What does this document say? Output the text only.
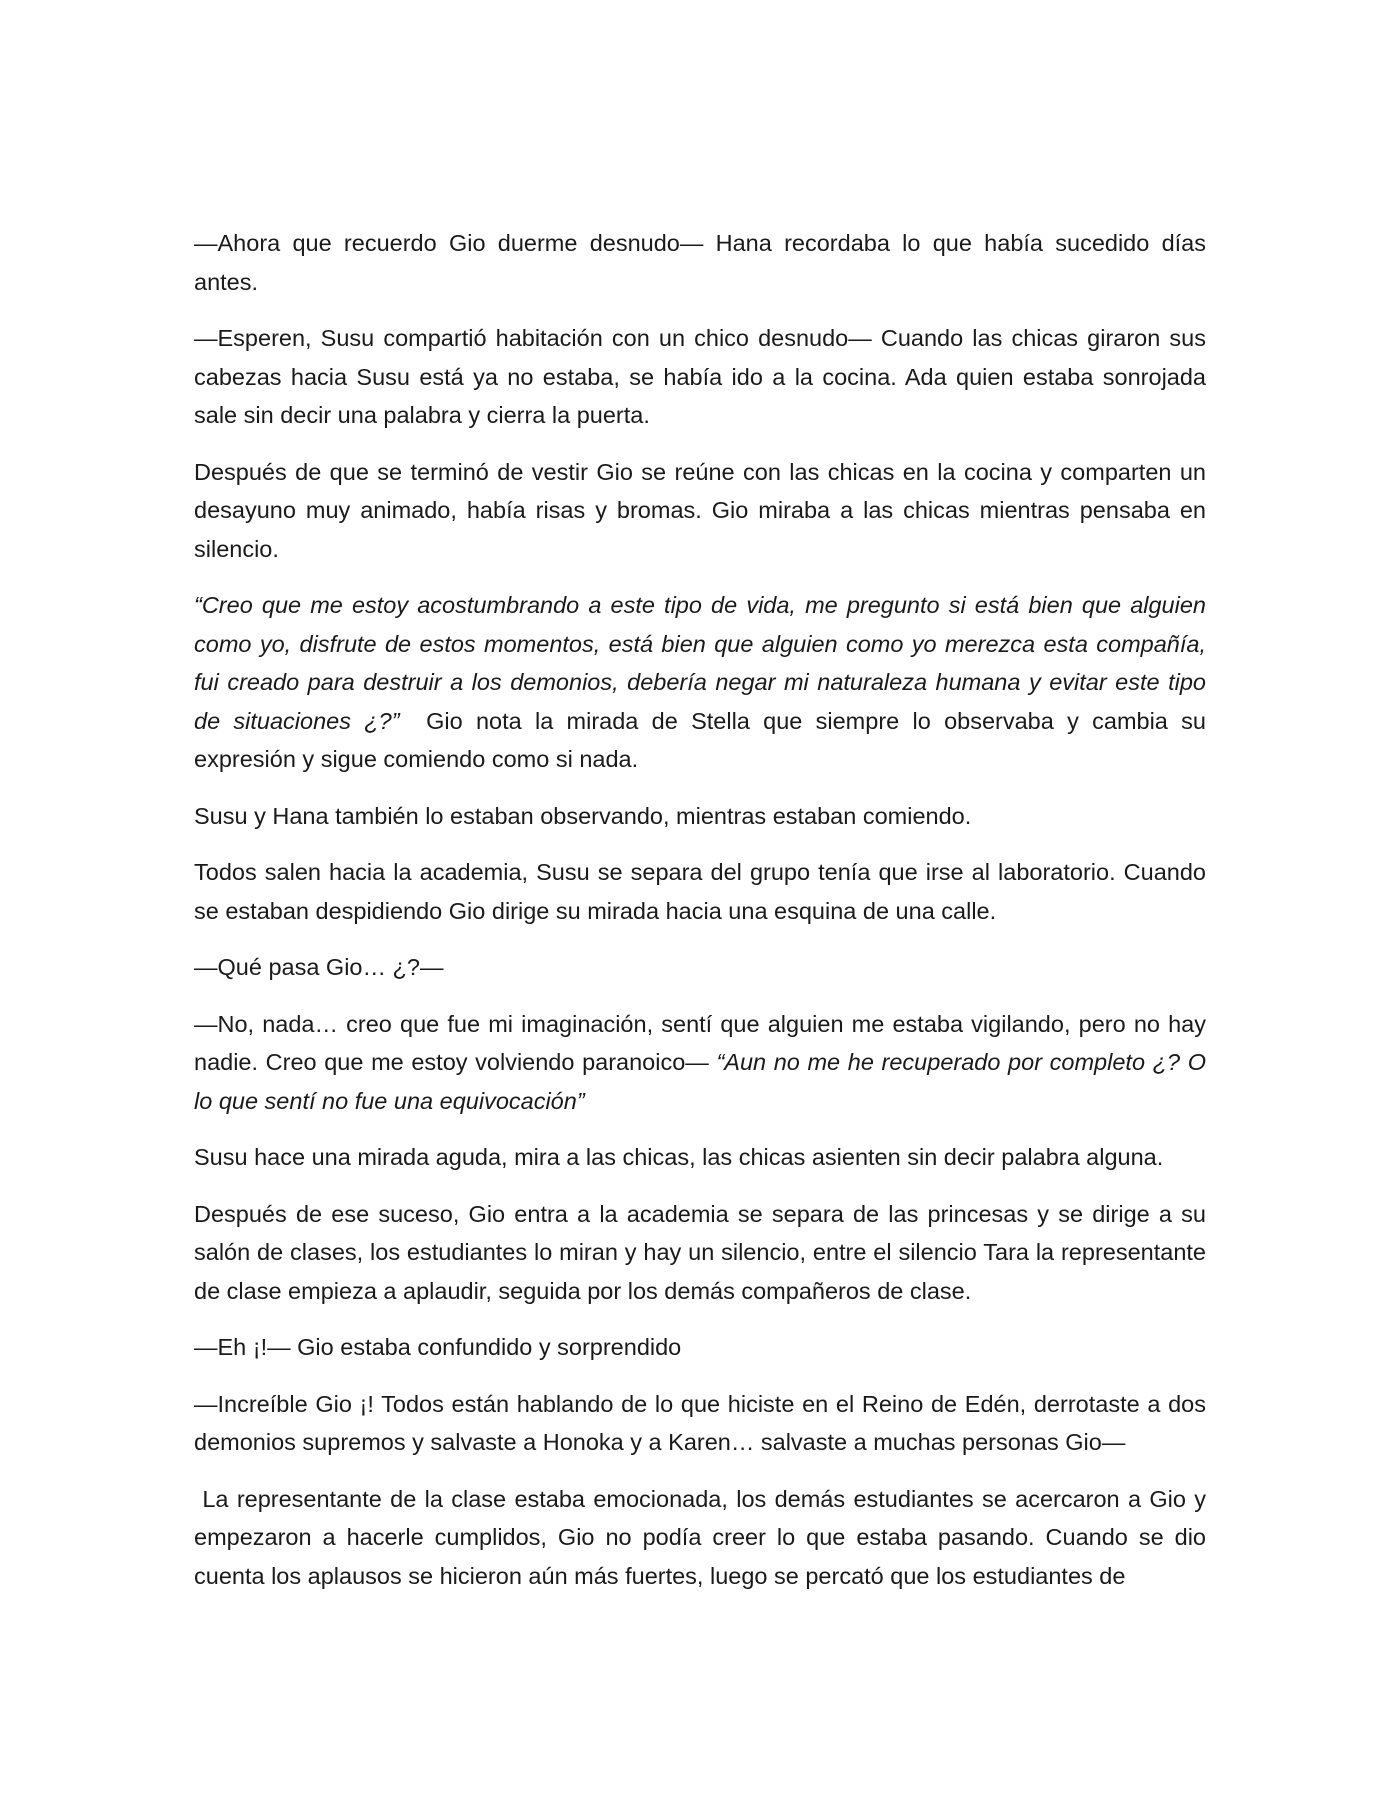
—Ahora que recuerdo Gio duerme desnudo— Hana recordaba lo que había sucedido días antes.

—Esperen, Susu compartió habitación con un chico desnudo— Cuando las chicas giraron sus cabezas hacia Susu está ya no estaba, se había ido a la cocina. Ada quien estaba sonrojada sale sin decir una palabra y cierra la puerta.

Después de que se terminó de vestir Gio se reúne con las chicas en la cocina y comparten un desayuno muy animado, había risas y bromas. Gio miraba a las chicas mientras pensaba en silencio.

“Creo que me estoy acostumbrando a este tipo de vida, me pregunto si está bien que alguien como yo, disfrute de estos momentos, está bien que alguien como yo merezca esta compañía, fui creado para destruir a los demonios, debería negar mi naturaleza humana y evitar este tipo de situaciones ¿?”  Gio nota la mirada de Stella que siempre lo observaba y cambia su expresión y sigue comiendo como si nada.

Susu y Hana también lo estaban observando, mientras estaban comiendo.

Todos salen hacia la academia, Susu se separa del grupo tenía que irse al laboratorio. Cuando se estaban despidiendo Gio dirige su mirada hacia una esquina de una calle.

—Qué pasa Gio… ¿?—

—No, nada… creo que fue mi imaginación, sentí que alguien me estaba vigilando, pero no hay nadie. Creo que me estoy volviendo paranoico— “Aun no me he recuperado por completo ¿? O lo que sentí no fue una equivocación”

Susu hace una mirada aguda, mira a las chicas, las chicas asienten sin decir palabra alguna.

Después de ese suceso, Gio entra a la academia se separa de las princesas y se dirige a su salón de clases, los estudiantes lo miran y hay un silencio, entre el silencio Tara la representante de clase empieza a aplaudir, seguida por los demás compañeros de clase.

—Eh ¡!— Gio estaba confundido y sorprendido

—Increíble Gio ¡! Todos están hablando de lo que hiciste en el Reino de Edén, derrotaste a dos demonios supremos y salvaste a Honoka y a Karen… salvaste a muchas personas Gio—

La representante de la clase estaba emocionada, los demás estudiantes se acercaron a Gio y empezaron a hacerle cumplidos, Gio no podía creer lo que estaba pasando. Cuando se dio cuenta los aplausos se hicieron aún más fuertes, luego se percató que los estudiantes de
